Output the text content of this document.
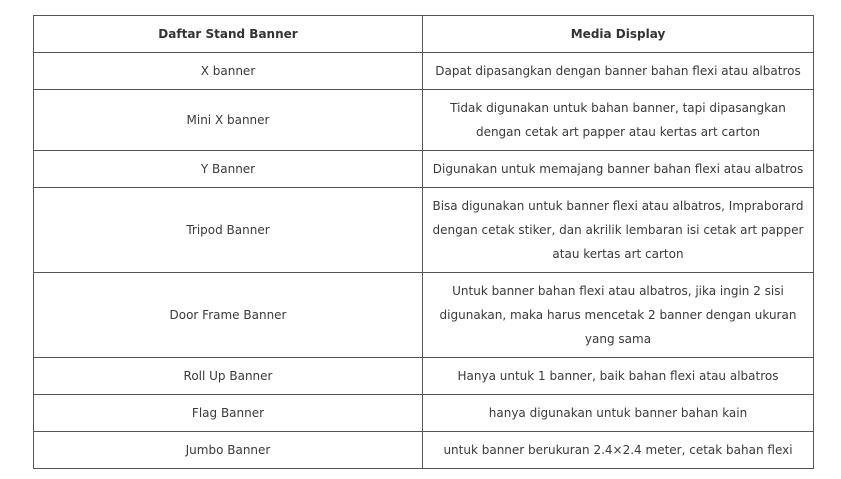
Daftar Stand Banner	Media Display
X banner	Dapat dipasangkan dengan banner bahan flexi atau albatros
Mini X banner	Tidak digunakan untuk bahan banner, tapi dipasangkan dengan cetak art papper atau kertas art carton
Y Banner	Digunakan untuk memajang banner bahan flexi atau albatros
Tripod Banner	Bisa digunakan untuk banner flexi atau albatros, Impraborard dengan cetak stiker, dan akrilik lembaran isi cetak art papper atau kertas art carton
Door Frame Banner	Untuk banner bahan flexi atau albatros, jika ingin 2 sisi digunakan, maka harus mencetak 2 banner dengan ukuran yang sama
Roll Up Banner	Hanya untuk 1 banner, baik bahan flexi atau albatros
Flag Banner	hanya digunakan untuk banner bahan kain
Jumbo Banner	untuk banner berukuran 2.4×2.4 meter, cetak bahan flexi
